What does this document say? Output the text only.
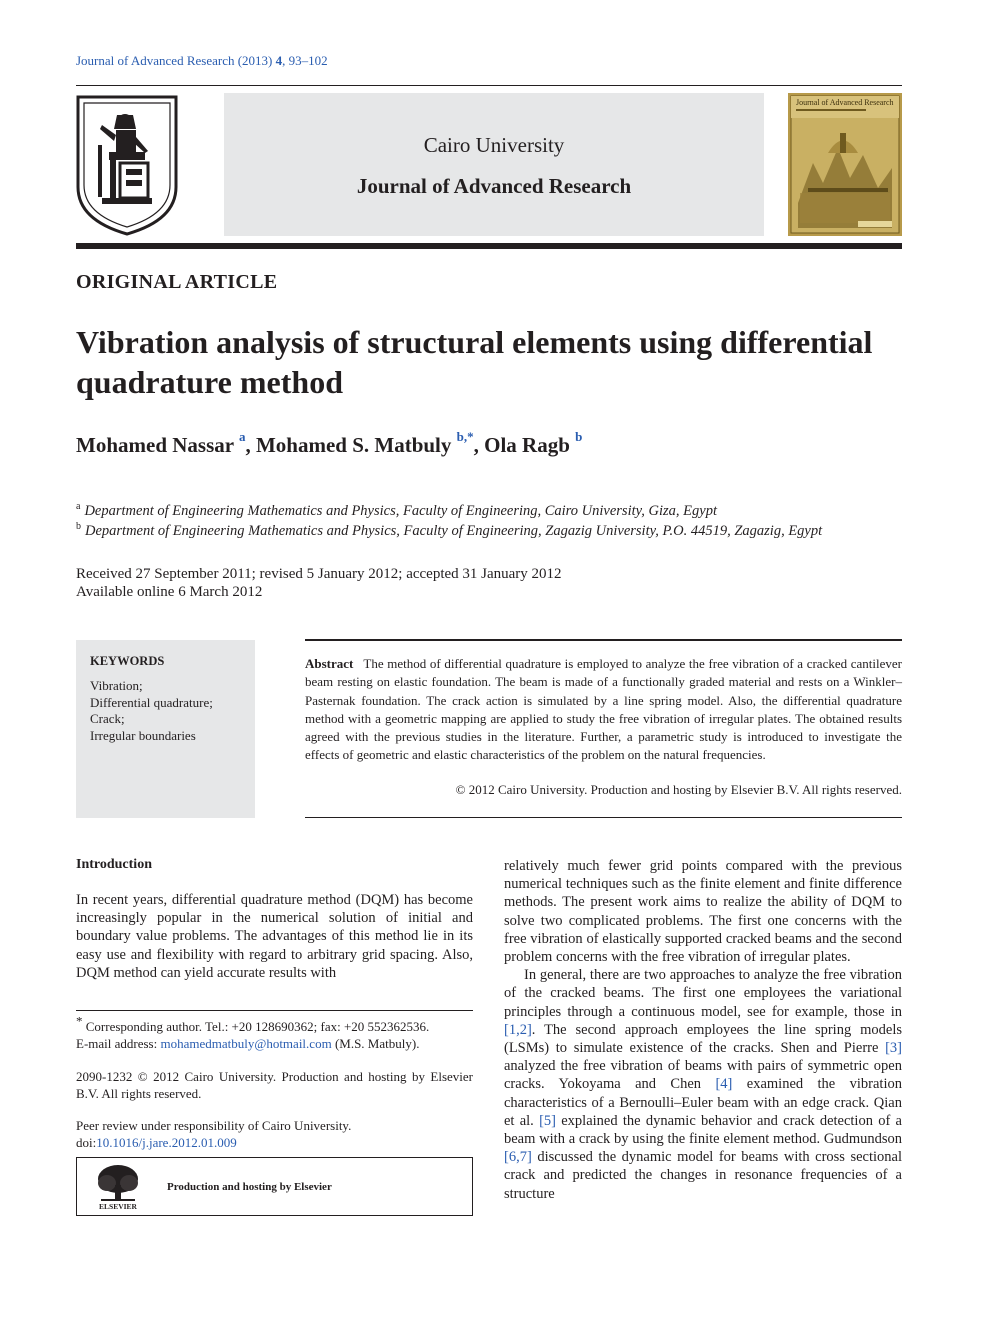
Journal of Advanced Research (2013) 4, 93–102
Cairo University
Journal of Advanced Research
Journal of Advanced Research
ORIGINAL ARTICLE
Vibration analysis of structural elements using differential quadrature method
Mohamed Nassar $^a$, Mohamed S. Matbuly $^{b,*}$, Ola Ragb $^b$
$^a$ Department of Engineering Mathematics and Physics, Faculty of Engineering, Cairo University, Giza, Egypt
$^b$ Department of Engineering Mathematics and Physics, Faculty of Engineering, Zagazig University, P.O. 44519, Zagazig, Egypt
Received 27 September 2011; revised 5 January 2012; accepted 31 January 2012
Available online 6 March 2012
KEYWORDS
Vibration;
Differential quadrature;
Crack;
Irregular boundaries
Abstract The method of differential quadrature is employed to analyze the free vibration of a cracked cantilever beam resting on elastic foundation. The beam is made of a functionally graded material and rests on a Winkler–Pasternak foundation. The crack action is simulated by a line spring model. Also, the differential quadrature method with a geometric mapping are applied to study the free vibration of irregular plates. The obtained results agreed with the previous studies in the literature. Further, a parametric study is introduced to investigate the effects of geometric and elastic characteristics of the problem on the natural frequencies.
© 2012 Cairo University. Production and hosting by Elsevier B.V. All rights reserved.
Introduction
In recent years, differential quadrature method (DQM) has become increasingly popular in the numerical solution of initial and boundary value problems. The advantages of this method lie in its easy use and flexibility with regard to arbitrary grid spacing. Also, DQM method can yield accurate results with
* Corresponding author. Tel.: +20 128690362; fax: +20 552362536.
E-mail address: mohamedmatbuly@hotmail.com (M.S. Matbuly).
2090-1232 © 2012 Cairo University. Production and hosting by Elsevier B.V. All rights reserved.
Peer review under responsibility of Cairo University.
doi:10.1016/j.jare.2012.01.009
ELSEVIER
Production and hosting by Elsevier

relatively much fewer grid points compared with the previous numerical techniques such as the finite element and finite difference methods. The present work aims to realize the ability of DQM to solve two complicated problems. The first one concerns with the free vibration of elastically supported cracked beams and the second problem concerns with the free vibration of irregular plates.

In general, there are two approaches to analyze the free vibration of the cracked beams. The first one employees the variational principles through a continuous model, see for example, those in [1,2]. The second approach employees the line spring models (LSMs) to simulate existence of the cracks. Shen and Pierre [3] analyzed the free vibration of beams with pairs of symmetric open cracks. Yokoyama and Chen [4] examined the vibration characteristics of a Bernoulli–Euler beam with an edge crack. Qian et al. [5] explained the dynamic behavior and crack detection of a beam with a crack by using the finite element method. Gudmundson [6,7] discussed the dynamic model for beams with cross sectional crack and predicted the changes in resonance frequencies of a structure
